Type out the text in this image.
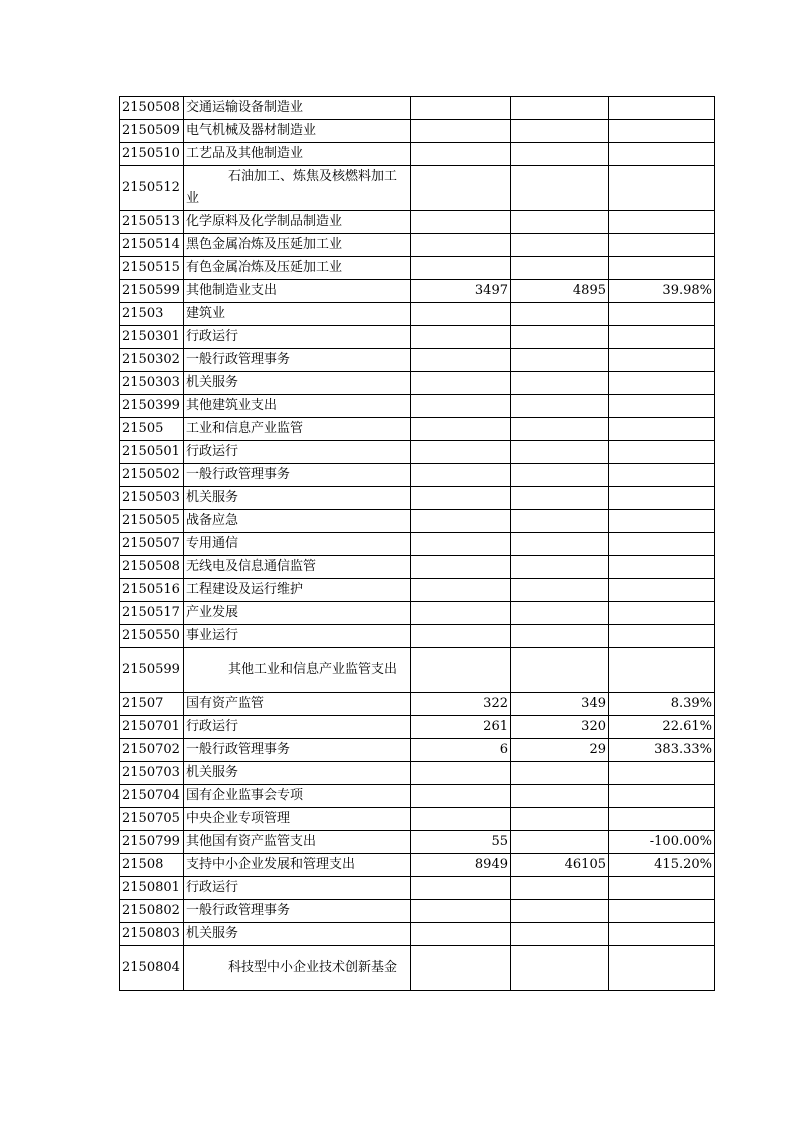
2150508	交通运输设备制造业			
2150509	电气机械及器材制造业			
2150510	工艺品及其他制造业			
2150512	石油加工、炼焦及核燃料加工业			
2150513	化学原料及化学制品制造业			
2150514	黑色金属冶炼及压延加工业			
2150515	有色金属冶炼及压延加工业			
2150599	其他制造业支出	3497	4895	39.98%
21503	建筑业			
2150301	行政运行			
2150302	一般行政管理事务			
2150303	机关服务			
2150399	其他建筑业支出			
21505	工业和信息产业监管			
2150501	行政运行			
2150502	一般行政管理事务			
2150503	机关服务			
2150505	战备应急			
2150507	专用通信			
2150508	无线电及信息通信监管			
2150516	工程建设及运行维护			
2150517	产业发展			
2150550	事业运行			
2150599	其他工业和信息产业监管支出			
21507	国有资产监管	322	349	8.39%
2150701	行政运行	261	320	22.61%
2150702	一般行政管理事务	6	29	383.33%
2150703	机关服务			
2150704	国有企业监事会专项			
2150705	中央企业专项管理			
2150799	其他国有资产监管支出	55		-100.00%
21508	支持中小企业发展和管理支出	8949	46105	415.20%
2150801	行政运行			
2150802	一般行政管理事务			
2150803	机关服务			
2150804	科技型中小企业技术创新基金			
